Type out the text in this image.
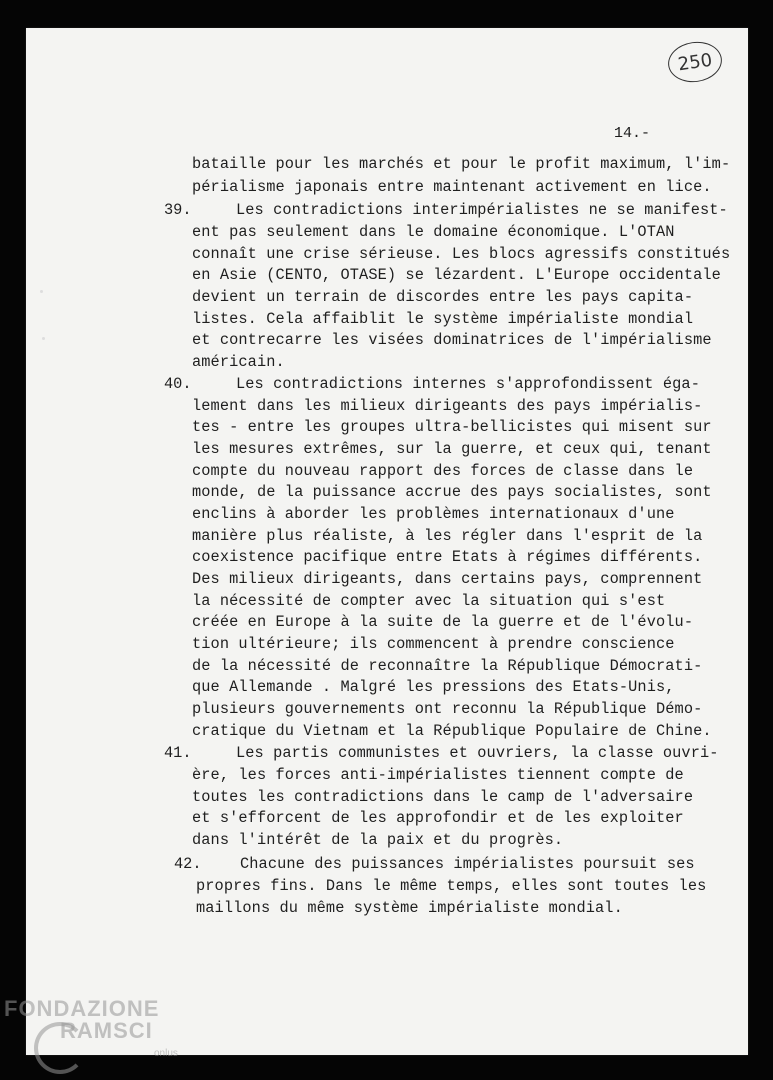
250
14.-
bataille pour les marchés et pour le profit maximum, l'im-
périalisme japonais entre maintenant activement en lice.
39.	Les contradictions interimpérialistes ne se manifest-
ent pas seulement dans le domaine économique. L'OTAN
connaît une crise sérieuse. Les blocs agressifs constitués
en Asie (CENTO, OTASE) se lézardent. L'Europe occidentale
devient un terrain de discordes entre les pays capita-
listes. Cela affaiblit le système impérialiste mondial
et contrecarre les visées dominatrices de l'impérialisme
américain.
40.	Les contradictions internes s'approfondissent éga-
lement dans les milieux dirigeants des pays impérialis-
tes - entre les groupes ultra-bellicistes qui misent sur
les mesures extrêmes, sur la guerre, et ceux qui, tenant
compte du nouveau rapport des forces de classe dans le
monde, de la puissance accrue des pays socialistes, sont
enclins à aborder les problèmes internationaux d'une
manière plus réaliste, à les régler dans l'esprit de la
coexistence pacifique entre Etats à régimes différents.
Des milieux dirigeants, dans certains pays, comprennent
la nécessité de compter avec la situation qui s'est
créée en Europe à la suite de la guerre et de l'évolu-
tion ultérieure; ils commencent à prendre conscience
de la nécessité de reconnaître la République Démocrati-
que Allemande . Malgré les pressions des Etats-Unis,
plusieurs gouvernements ont reconnu la République Démo-
cratique du Vietnam et la République Populaire de Chine.
41.	Les partis communistes et ouvriers, la classe ouvri-
ère, les forces anti-impérialistes tiennent compte de
toutes les contradictions dans le camp de l'adversaire
et s'efforcent de les approfondir et de les exploiter
dans l'intérêt de la paix et du progrès.
42.	Chacune des puissances impérialistes poursuit ses
propres fins. Dans le même temps, elles sont toutes les
maillons du même système impérialiste mondial.
FONDAZIONE
RAMSCI
onlus
